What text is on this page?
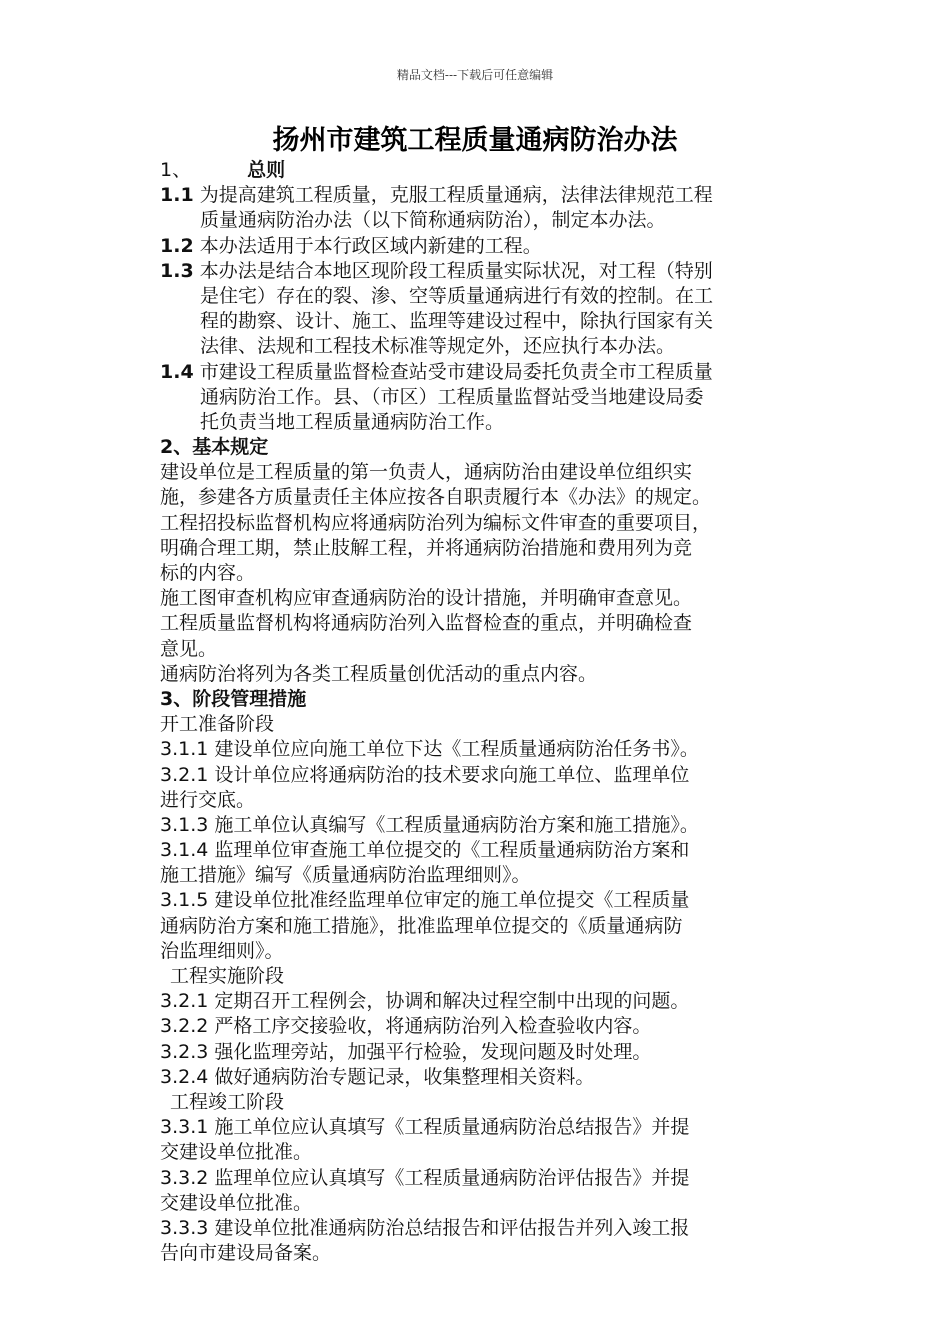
精品文档---下载后可任意编辑
扬州市建筑工程质量通病防治办法
1、	总则
1.1 为提高建筑工程质量，克服工程质量通病，法律法律规范工程
质量通病防治办法（以下简称通病防治），制定本办法。
1.2 本办法适用于本行政区域内新建的工程。
1.3 本办法是结合本地区现阶段工程质量实际状况，对工程（特别
是住宅）存在的裂、渗、空等质量通病进行有效的控制。在工
程的勘察、设计、施工、监理等建设过程中，除执行国家有关
法律、法规和工程技术标准等规定外，还应执行本办法。
1.4 市建设工程质量监督检查站受市建设局委托负责全市工程质量
通病防治工作。县、（市区）工程质量监督站受当地建设局委
托负责当地工程质量通病防治工作。
2、基本规定
建设单位是工程质量的第一负责人，通病防治由建设单位组织实
施，参建各方质量责任主体应按各自职责履行本《办法》的规定。
工程招投标监督机构应将通病防治列为编标文件审查的重要项目，
明确合理工期，禁止肢解工程，并将通病防治措施和费用列为竞
标的内容。
施工图审查机构应审查通病防治的设计措施，并明确审查意见。
工程质量监督机构将通病防治列入监督检查的重点，并明确检查
意见。
通病防治将列为各类工程质量创优活动的重点内容。
3、阶段管理措施
开工准备阶段
3.1.1 建设单位应向施工单位下达《工程质量通病防治任务书》。
3.2.1 设计单位应将通病防治的技术要求向施工单位、监理单位
进行交底。
3.1.3 施工单位认真编写《工程质量通病防治方案和施工措施》。
3.1.4 监理单位审查施工单位提交的《工程质量通病防治方案和
施工措施》编写《质量通病防治监理细则》。
3.1.5 建设单位批准经监理单位审定的施工单位提交《工程质量
通病防治方案和施工措施》，批准监理单位提交的《质量通病防
治监理细则》。
工程实施阶段
3.2.1 定期召开工程例会，协调和解决过程空制中出现的问题。
3.2.2 严格工序交接验收，将通病防治列入检查验收内容。
3.2.3 强化监理旁站，加强平行检验，发现问题及时处理。
3.2.4 做好通病防治专题记录，收集整理相关资料。
工程竣工阶段
3.3.1 施工单位应认真填写《工程质量通病防治总结报告》并提
交建设单位批准。
3.3.2 监理单位应认真填写《工程质量通病防治评估报告》并提
交建设单位批准。
3.3.3 建设单位批准通病防治总结报告和评估报告并列入竣工报
告向市建设局备案。
